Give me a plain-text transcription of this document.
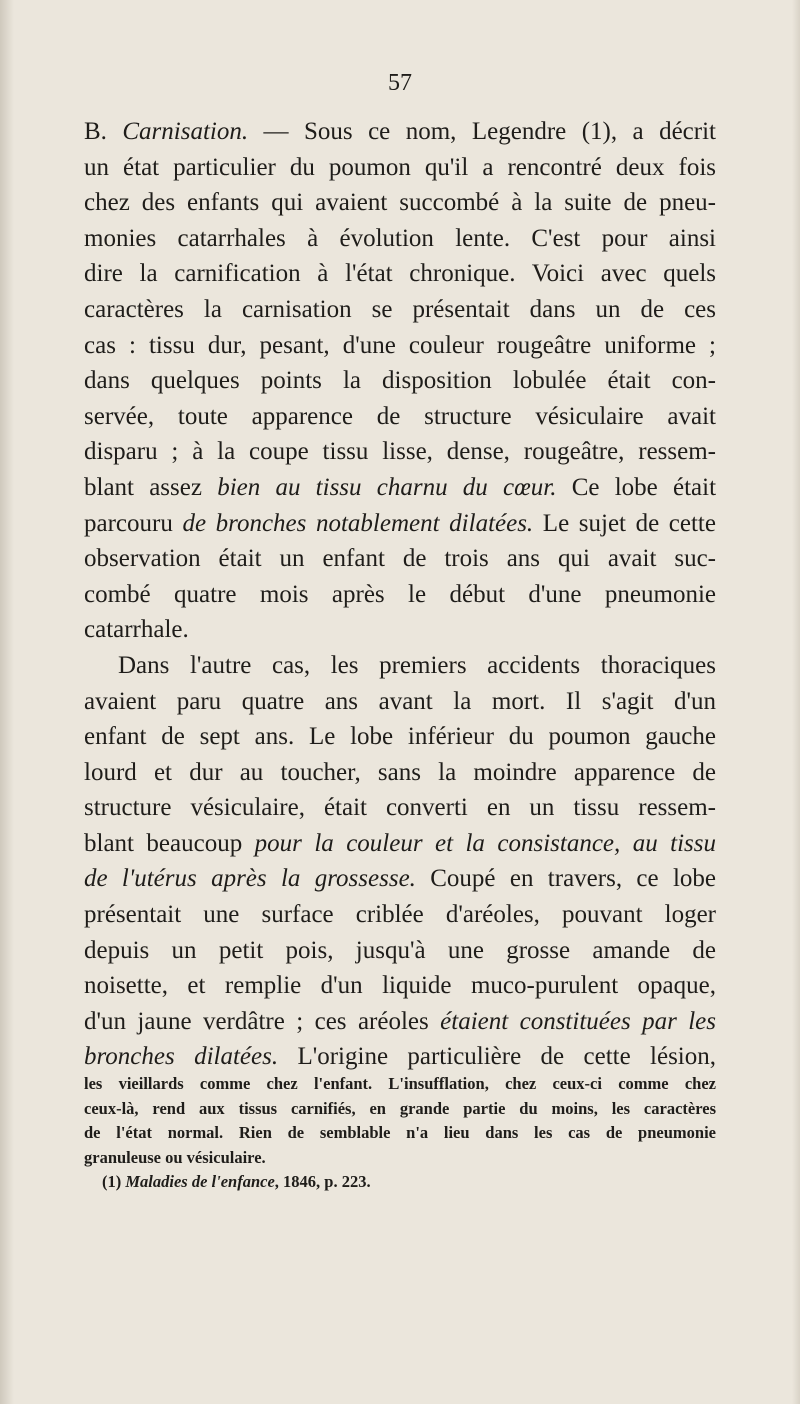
57
B. Carnisation. — Sous ce nom, Legendre (1), a décrit
un état particulier du poumon qu'il a rencontré deux fois
chez des enfants qui avaient succombé à la suite de pneu-
monies catarrhales à évolution lente. C'est pour ainsi
dire la carnification à l'état chronique. Voici avec quels
caractères la carnisation se présentait dans un de ces
cas : tissu dur, pesant, d'une couleur rougeâtre uniforme ;
dans quelques points la disposition lobulée était con-
servée, toute apparence de structure vésiculaire avait
disparu ; à la coupe tissu lisse, dense, rougeâtre, ressem-
blant assez bien au tissu charnu du cœur. Ce lobe était
parcouru de bronches notablement dilatées. Le sujet de cette
observation était un enfant de trois ans qui avait suc-
combé quatre mois après le début d'une pneumonie
catarrhale.
Dans l'autre cas, les premiers accidents thoraciques
avaient paru quatre ans avant la mort. Il s'agit d'un
enfant de sept ans. Le lobe inférieur du poumon gauche
lourd et dur au toucher, sans la moindre apparence de
structure vésiculaire, était converti en un tissu ressem-
blant beaucoup pour la couleur et la consistance, au tissu
de l'utérus après la grossesse. Coupé en travers, ce lobe
présentait une surface criblée d'aréoles, pouvant loger
depuis un petit pois, jusqu'à une grosse amande de
noisette, et remplie d'un liquide muco-purulent opaque,
d'un jaune verdâtre ; ces aréoles étaient constituées par les
bronches dilatées. L'origine particulière de cette lésion,
les vieillards comme chez l'enfant. L'insufflation, chez ceux-ci comme chez
ceux-là, rend aux tissus carnifiés, en grande partie du moins, les caractères
de l'état normal. Rien de semblable n'a lieu dans les cas de pneumonie
granuleuse ou vésiculaire.
(1) Maladies de l'enfance, 1846, p. 223.
